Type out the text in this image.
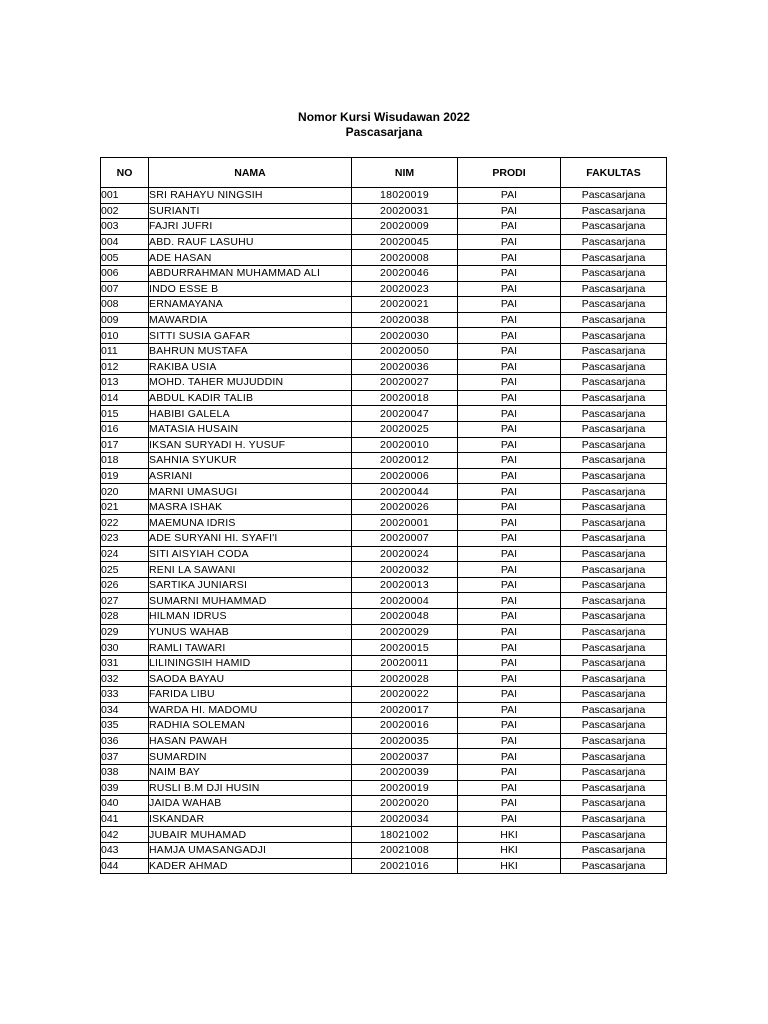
Nomor Kursi Wisudawan 2022
Pascasarjana
NO	NAMA	NIM	PRODI	FAKULTAS
001	SRI RAHAYU NINGSIH	18020019	PAI	Pascasarjana
002	SURIANTI	20020031	PAI	Pascasarjana
003	FAJRI JUFRI	20020009	PAI	Pascasarjana
004	ABD. RAUF LASUHU	20020045	PAI	Pascasarjana
005	ADE HASAN	20020008	PAI	Pascasarjana
006	ABDURRAHMAN MUHAMMAD ALI	20020046	PAI	Pascasarjana
007	INDO ESSE B	20020023	PAI	Pascasarjana
008	ERNAMAYANA	20020021	PAI	Pascasarjana
009	MAWARDIA	20020038	PAI	Pascasarjana
010	SITTI SUSIA GAFAR	20020030	PAI	Pascasarjana
011	BAHRUN MUSTAFA	20020050	PAI	Pascasarjana
012	RAKIBA USIA	20020036	PAI	Pascasarjana
013	MOHD. TAHER MUJUDDIN	20020027	PAI	Pascasarjana
014	ABDUL KADIR TALIB	20020018	PAI	Pascasarjana
015	HABIBI GALELA	20020047	PAI	Pascasarjana
016	MATASIA HUSAIN	20020025	PAI	Pascasarjana
017	IKSAN SURYADI H. YUSUF	20020010	PAI	Pascasarjana
018	SAHNIA SYUKUR	20020012	PAI	Pascasarjana
019	ASRIANI	20020006	PAI	Pascasarjana
020	MARNI UMASUGI	20020044	PAI	Pascasarjana
021	MASRA ISHAK	20020026	PAI	Pascasarjana
022	MAEMUNA IDRIS	20020001	PAI	Pascasarjana
023	ADE SURYANI HI. SYAFI'I	20020007	PAI	Pascasarjana
024	SITI AISYIAH CODA	20020024	PAI	Pascasarjana
025	RENI LA SAWANI	20020032	PAI	Pascasarjana
026	SARTIKA JUNIARSI	20020013	PAI	Pascasarjana
027	SUMARNI MUHAMMAD	20020004	PAI	Pascasarjana
028	HILMAN IDRUS	20020048	PAI	Pascasarjana
029	YUNUS WAHAB	20020029	PAI	Pascasarjana
030	RAMLI TAWARI	20020015	PAI	Pascasarjana
031	LILININGSIH HAMID	20020011	PAI	Pascasarjana
032	SAODA BAYAU	20020028	PAI	Pascasarjana
033	FARIDA LIBU	20020022	PAI	Pascasarjana
034	WARDA HI. MADOMU	20020017	PAI	Pascasarjana
035	RADHIA SOLEMAN	20020016	PAI	Pascasarjana
036	HASAN PAWAH	20020035	PAI	Pascasarjana
037	SUMARDIN	20020037	PAI	Pascasarjana
038	NAIM BAY	20020039	PAI	Pascasarjana
039	RUSLI B.M DJI HUSIN	20020019	PAI	Pascasarjana
040	JAIDA WAHAB	20020020	PAI	Pascasarjana
041	ISKANDAR	20020034	PAI	Pascasarjana
042	JUBAIR MUHAMAD	18021002	HKI	Pascasarjana
043	HAMJA UMASANGADJI	20021008	HKI	Pascasarjana
044	KADER AHMAD	20021016	HKI	Pascasarjana
